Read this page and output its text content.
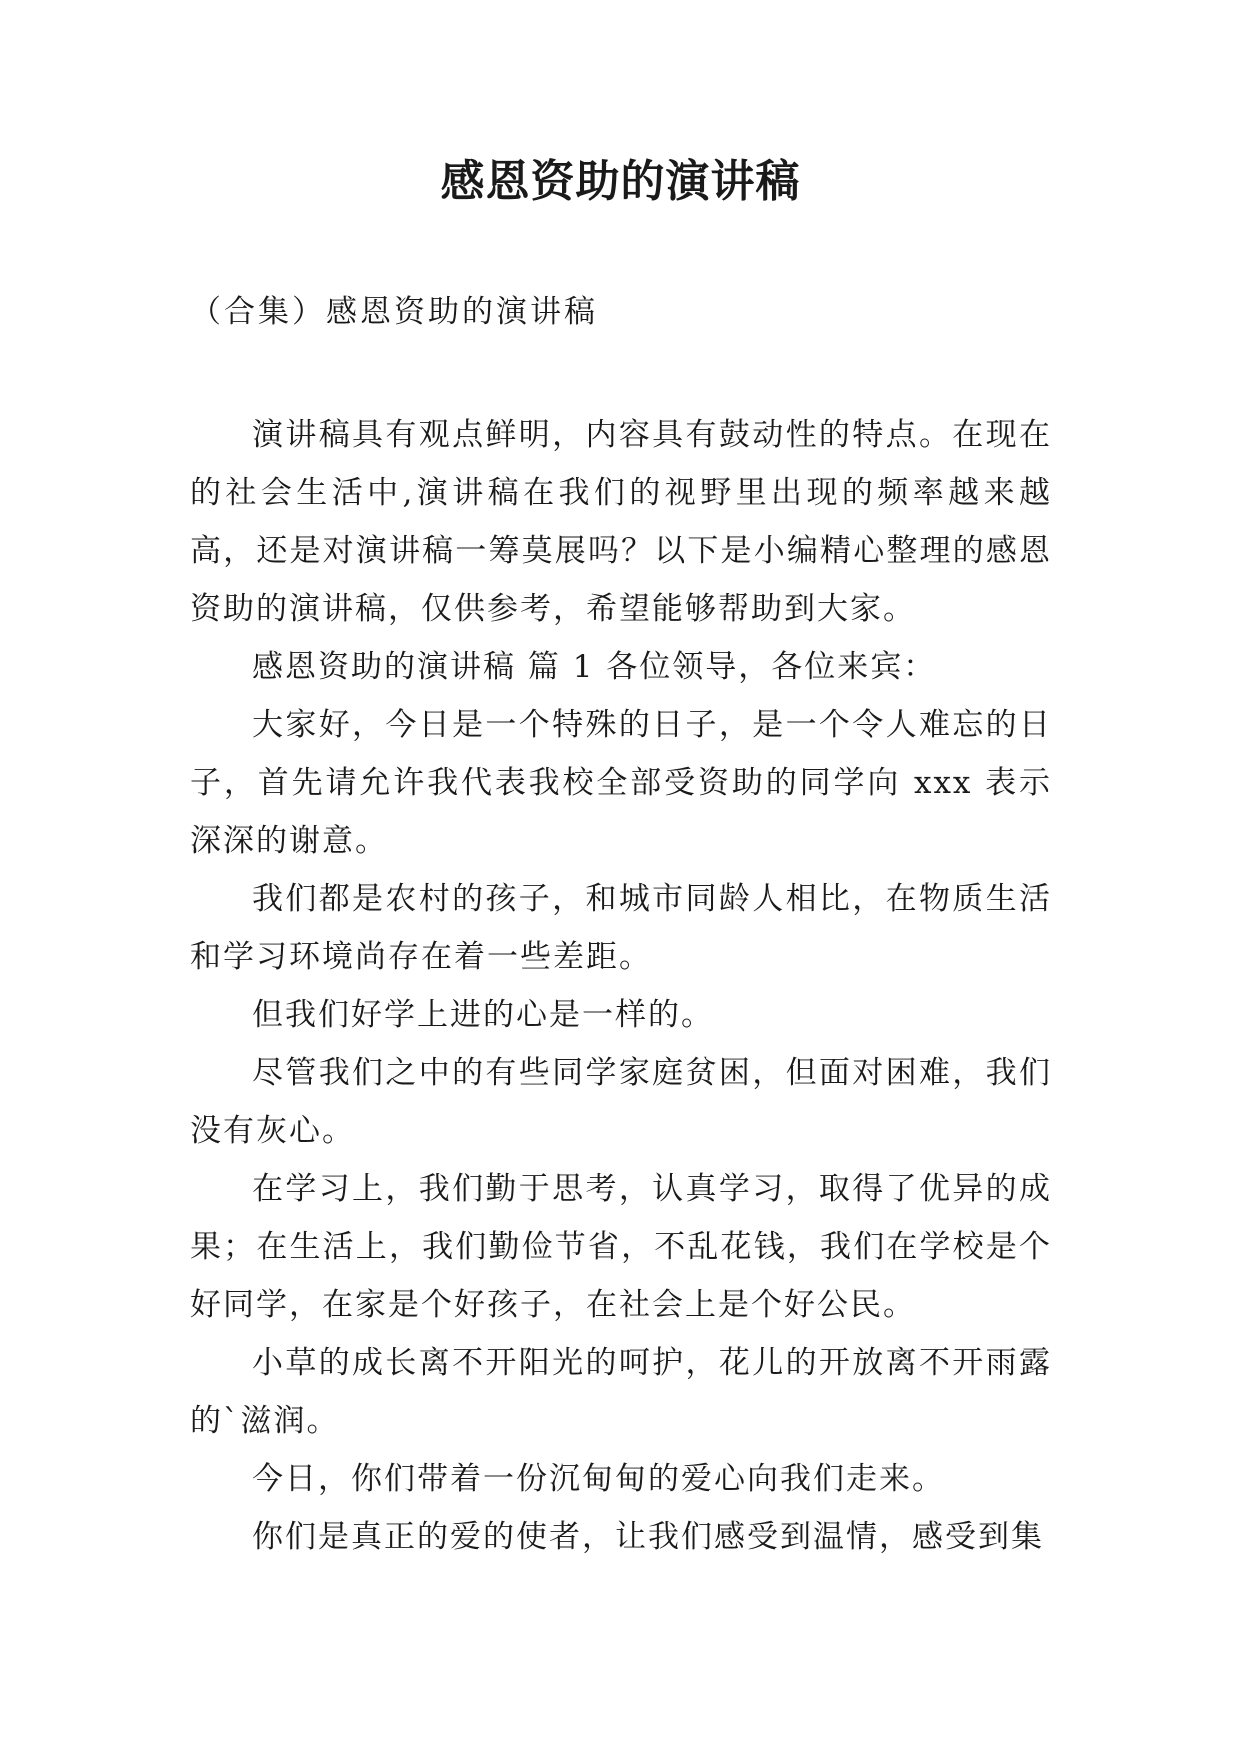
感恩资助的演讲稿

（合集）感恩资助的演讲稿

演讲稿具有观点鲜明，内容具有鼓动性的特点。在现在的社会生活中,演讲稿在我们的视野里出现的频率越来越高，还是对演讲稿一筹莫展吗？以下是小编精心整理的感恩资助的演讲稿，仅供参考，希望能够帮助到大家。

感恩资助的演讲稿 篇 1 各位领导，各位来宾：

大家好，今日是一个特殊的日子，是一个令人难忘的日子，首先请允许我代表我校全部受资助的同学向 xxx 表示深深的谢意。

我们都是农村的孩子，和城市同龄人相比，在物质生活和学习环境尚存在着一些差距。

但我们好学上进的心是一样的。

尽管我们之中的有些同学家庭贫困，但面对困难，我们没有灰心。

在学习上，我们勤于思考，认真学习，取得了优异的成果；在生活上，我们勤俭节省，不乱花钱，我们在学校是个好同学，在家是个好孩子，在社会上是个好公民。

小草的成长离不开阳光的呵护，花儿的开放离不开雨露的`滋润。

今日，你们带着一份沉甸甸的爱心向我们走来。

你们是真正的爱的使者，让我们感受到温情，感受到集
